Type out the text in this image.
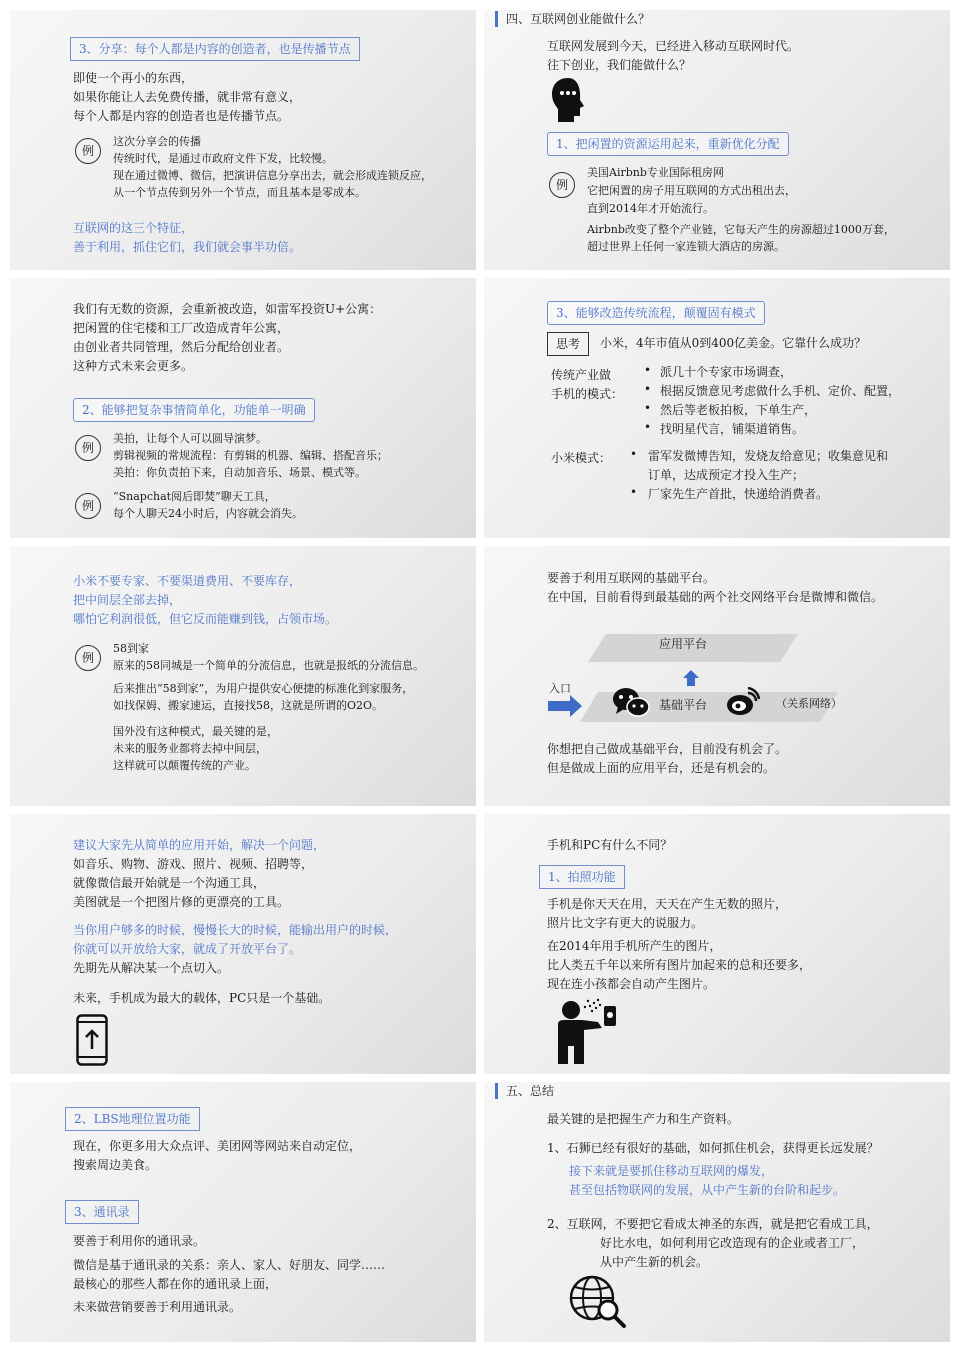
3、分享：每个人都是内容的创造者，也是传播节点
即使一个再小的东西，
如果你能让人去免费传播，就非常有意义，
每个人都是内容的创造者也是传播节点。
例
这次分享会的传播
传统时代，是通过市政府文件下发，比较慢。
现在通过微博、微信，把演讲信息分享出去，就会形成连锁反应，
从一个节点传到另外一个节点，而且基本是零成本。
互联网的这三个特征，
善于利用，抓住它们，我们就会事半功倍。
四、互联网创业能做什么？
互联网发展到今天，已经进入移动互联网时代。
往下创业，我们能做什么？
1、把闲置的资源运用起来，重新优化分配
例
美国Airbnb专业国际租房网
它把闲置的房子用互联网的方式出租出去，
直到2014年才开始流行。
Airbnb改变了整个产业链，它每天产生的房源超过1000万套，
超过世界上任何一家连锁大酒店的房源。
我们有无数的资源，会重新被改造，如雷军投资U+公寓：
把闲置的住宅楼和工厂改造成青年公寓，
由创业者共同管理，然后分配给创业者。
这种方式未来会更多。
2、能够把复杂事情简单化，功能单一明确
例
美拍，让每个人可以圆导演梦。
剪辑视频的常规流程：有剪辑的机器、编辑、搭配音乐；
美拍：你负责拍下来，自动加音乐、场景、模式等。
例
“Snapchat阅后即焚”聊天工具，
每个人聊天24小时后，内容就会消失。
3、能够改造传统流程，颠覆固有模式
思考	小米，4年市值从0到400亿美金。它靠什么成功？
传统产业做
手机的模式：
• 派几十个专家市场调查，
• 根据反馈意见考虑做什么手机、定价、配置，
• 然后等老板拍板，下单生产，
• 找明星代言，铺渠道销售。
小米模式： • 雷军发微博告知，发烧友给意见；收集意见和
订单，达成预定才投入生产；
• 厂家先生产首批，快递给消费者。
小米不要专家、不要渠道费用、不要库存，
把中间层全部去掉，
哪怕它利润很低，但它反而能赚到钱，占领市场。
例
58到家
原来的58同城是一个简单的分流信息，也就是报纸的分流信息。
后来推出“58到家”，为用户提供安心便捷的标准化到家服务，
如找保姆、搬家速运，直接找58，这就是所谓的O2O。
国外没有这种模式，最关键的是，
未来的服务业都将去掉中间层，
这样就可以颠覆传统的产业。
要善于利用互联网的基础平台。
在中国，目前看得到最基础的两个社交网络平台是微博和微信。
应用平台
入口
基础平台	（关系网络）
你想把自己做成基础平台，目前没有机会了。
但是做成上面的应用平台，还是有机会的。
建议大家先从简单的应用开始，解决一个问题，
如音乐、购物、游戏、照片、视频、招聘等，
就像微信最开始就是一个沟通工具，
美图就是一个把图片修的更漂亮的工具。
当你用户够多的时候，慢慢长大的时候，能输出用户的时候，
你就可以开放给大家，就成了开放平台了。
先期先从解决某一个点切入。
未来，手机成为最大的载体，PC只是一个基础。
手机和PC有什么不同？
1、拍照功能
手机是你天天在用，天天在产生无数的照片，
照片比文字有更大的说服力。
在2014年用手机所产生的图片，
比人类五千年以来所有图片加起来的总和还要多，
现在连小孩都会自动产生图片。
2、LBS地理位置功能
现在，你更多用大众点评、美团网等网站来自动定位，
搜索周边美食。
3、通讯录
要善于利用你的通讯录。
微信是基于通讯录的关系：亲人、家人、好朋友、同学……
最核心的那些人都在你的通讯录上面，
未来做营销要善于利用通讯录。
五、总结
最关键的是把握生产力和生产资料。
1、石狮已经有很好的基础，如何抓住机会，获得更长远发展？
接下来就是要抓住移动互联网的爆发，
甚至包括物联网的发展，从中产生新的台阶和起步。
2、互联网，不要把它看成太神圣的东西，就是把它看成工具，
好比水电，如何利用它改造现有的企业或者工厂，
从中产生新的机会。
